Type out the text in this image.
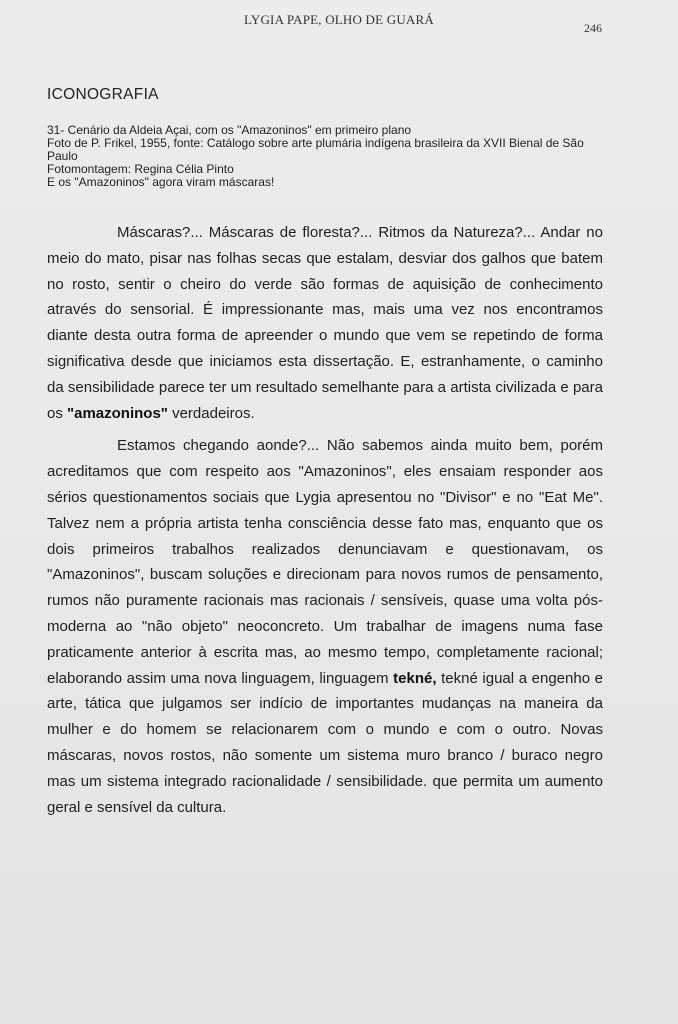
LYGIA PAPE, OLHO DE GUARÁ
246
ICONOGRAFIA
31- Cenário da Aldeia Açai, com os "Amazoninos" em primeiro plano
Foto de P. Frikel, 1955, fonte: Catálogo sobre arte plumária indígena brasileira da XVII Bienal de São
Paulo
Fotomontagem: Regina Célia Pinto
E os "Amazoninos" agora viram máscaras!

Máscaras?... Máscaras de floresta?... Ritmos da Natureza?... Andar no meio do mato, pisar nas folhas secas que estalam, desviar dos galhos que batem no rosto, sentir o cheiro do verde são formas de aquisição de conhecimento através do sensorial. É impressionante mas, mais uma vez nos encontramos diante desta outra forma de apreender o mundo que vem se repetindo de forma significativa desde que iniciamos esta dissertação. E, estranhamente, o caminho da sensibilidade parece ter um resultado semelhante para a artista civilizada e para os "amazoninos" verdadeiros.

Estamos chegando aonde?... Não sabemos ainda muito bem, porém acreditamos que com respeito aos "Amazoninos", eles ensaiam responder aos sérios questionamentos sociais que Lygia apresentou no "Divisor" e no "Eat Me". Talvez nem a própria artista tenha consciência desse fato mas, enquanto que os dois primeiros trabalhos realizados denunciavam e questionavam, os "Amazoninos", buscam soluções e direcionam para novos rumos de pensamento, rumos não puramente racionais mas racionais / sensíveis, quase uma volta pós-moderna ao "não objeto" neoconcreto. Um trabalhar de imagens numa fase praticamente anterior à escrita mas, ao mesmo tempo, completamente racional; elaborando assim uma nova linguagem, linguagem tekné, tekné igual a engenho e arte, tática que julgamos ser indício de importantes mudanças na maneira da mulher e do homem se relacionarem com o mundo e com o outro. Novas máscaras, novos rostos, não somente um sistema muro branco / buraco negro mas um sistema integrado racionalidade / sensibilidade. que permita um aumento geral e sensível da cultura.
